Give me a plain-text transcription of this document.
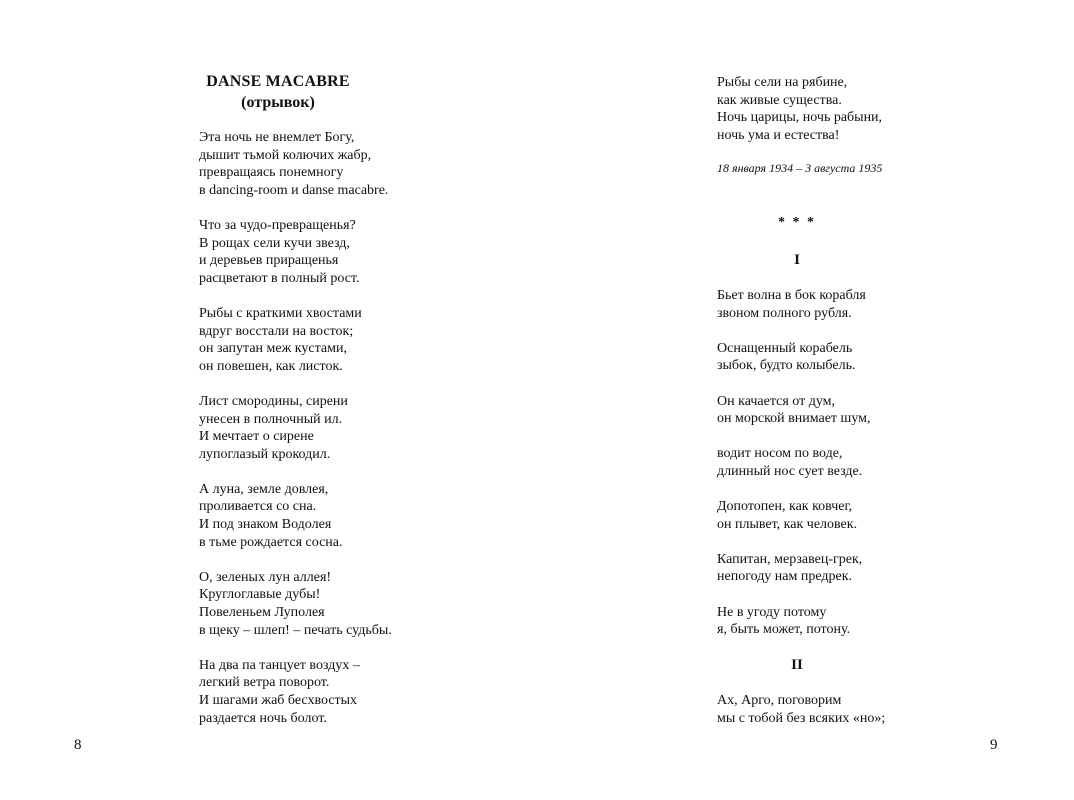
DANSE MACABRE
(отрывок)
Эта ночь не внемлет Богу,
дышит тьмой колючих жабр,
превращаясь понемногу
в dancing-room и danse macabre.
Что за чудо-превращенья?
В рощах сели кучи звезд,
и деревьев приращенья
расцветают в полный рост.
Рыбы с краткими хвостами
вдруг восстали на восток;
он запутан меж кустами,
он повешен, как листок.
Лист смородины, сирени
унесен в полночный ил.
И мечтает о сирене
лупоглазый крокодил.
А луна, земле довлея,
проливается со сна.
И под знаком Водолея
в тьме рождается сосна.
О, зеленых лун аллея!
Круглоглавые дубы!
Повеленьем Луполея
в щеку – шлеп! – печать судьбы.
На два па танцует воздух –
легкий ветра поворот.
И шагами жаб бесхвостых
раздается ночь болот.
8
Рыбы сели на рябине,
как живые существа.
Ночь царицы, ночь рабыни,
ночь ума и естества!
18 января 1934 – 3 августа 1935
* * *
I
Бьет волна в бок корабля
звоном полного рубля.
Оснащенный корабель
зыбок, будто колыбель.
Он качается от дум,
он морской внимает шум,
водит носом по воде,
длинный нос сует везде.
Допотопен, как ковчег,
он плывет, как человек.
Капитан, мерзавец-грек,
непогоду нам предрек.
Не в угоду потому
я, быть может, потону.
II
Ах, Арго, поговорим
мы с тобой без всяких «но»;
9
